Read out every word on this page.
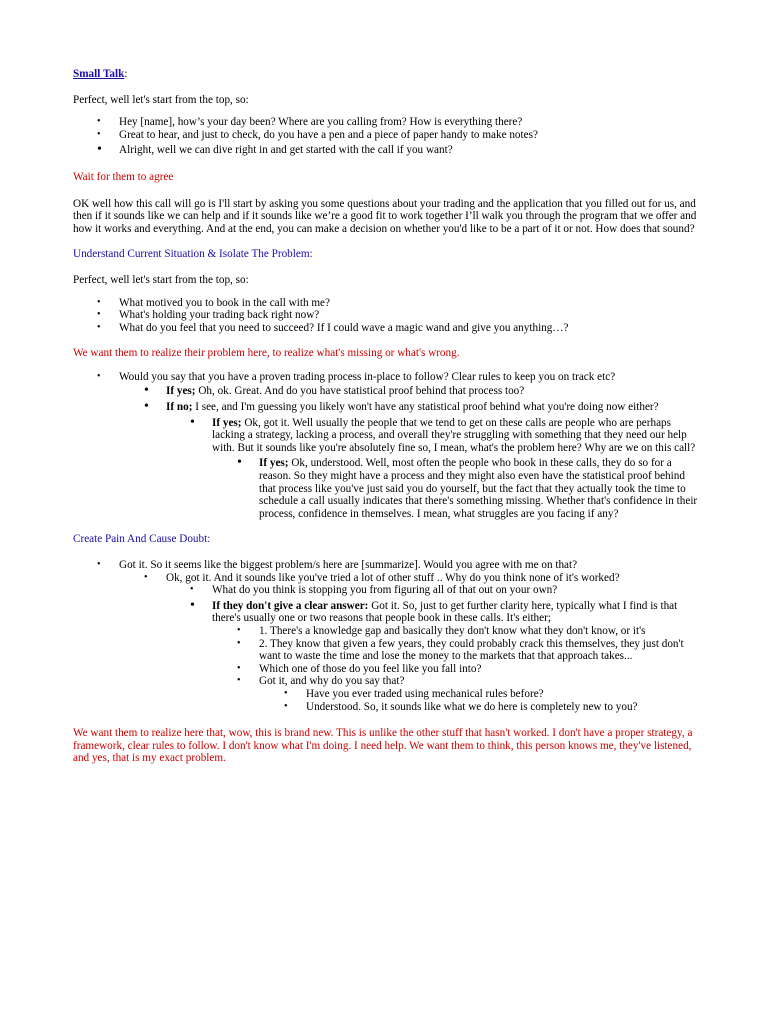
Small Talk:

Perfect, well let's start from the top, so:

• Hey [name], how’s your day been? Where are you calling from? How is everything there?
• Great to hear, and just to check, do you have a pen and a piece of paper handy to make notes?
• Alright, well we can dive right in and get started with the call if you want?

Wait for them to agree

OK well how this call will go is I'll start by asking you some questions about your trading and the application that you filled out for us, and then if it sounds like we can help and if it sounds like we’re a good fit to work together I’ll walk you through the program that we offer and how it works and everything. And at the end, you can make a decision on whether you'd like to be a part of it or not. How does that sound?

Understand Current Situation & Isolate The Problem:

Perfect, well let's start from the top, so:

• What motived you to book in the call with me?
• What's holding your trading back right now?
• What do you feel that you need to succeed? If I could wave a magic wand and give you anything…?

We want them to realize their problem here, to realize what's missing or what's wrong.

• Would you say that you have a proven trading process in-place to follow? Clear rules to keep you on track etc?
• If yes; Oh, ok. Great. And do you have statistical proof behind that process too?
• If no; I see, and I'm guessing you likely won't have any statistical proof behind what you're doing now either?
• If yes; Ok, got it. Well usually the people that we tend to get on these calls are people who are perhaps lacking a strategy, lacking a process, and overall they're struggling with something that they need our help with. But it sounds like you're absolutely fine so, I mean, what's the problem here? Why are we on this call?
• If yes; Ok, understood. Well, most often the people who book in these calls, they do so for a reason. So they might have a process and they might also even have the statistical proof behind that process like you've just said you do yourself, but the fact that they actually took the time to schedule a call usually indicates that there's something missing. Whether that's confidence in their process, confidence in themselves. I mean, what struggles are you facing if any?

Create Pain And Cause Doubt:

• Got it. So it seems like the biggest problem/s here are [summarize]. Would you agree with me on that?
• Ok, got it. And it sounds like you've tried a lot of other stuff .. Why do you think none of it's worked?
• What do you think is stopping you from figuring all of that out on your own?
• If they don't give a clear answer: Got it. So, just to get further clarity here, typically what I find is that there's usually one or two reasons that people book in these calls. It's either;
• 1. There's a knowledge gap and basically they don't know what they don't know, or it's
• 2. They know that given a few years, they could probably crack this themselves, they just don't want to waste the time and lose the money to the markets that that approach takes...
• Which one of those do you feel like you fall into?
• Got it, and why do you say that?
• Have you ever traded using mechanical rules before?
• Understood. So, it sounds like what we do here is completely new to you?

We want them to realize here that, wow, this is brand new. This is unlike the other stuff that hasn't worked. I don't have a proper strategy, a framework, clear rules to follow. I don't know what I'm doing. I need help. We want them to think, this person knows me, they've listened, and yes, that is my exact problem.
